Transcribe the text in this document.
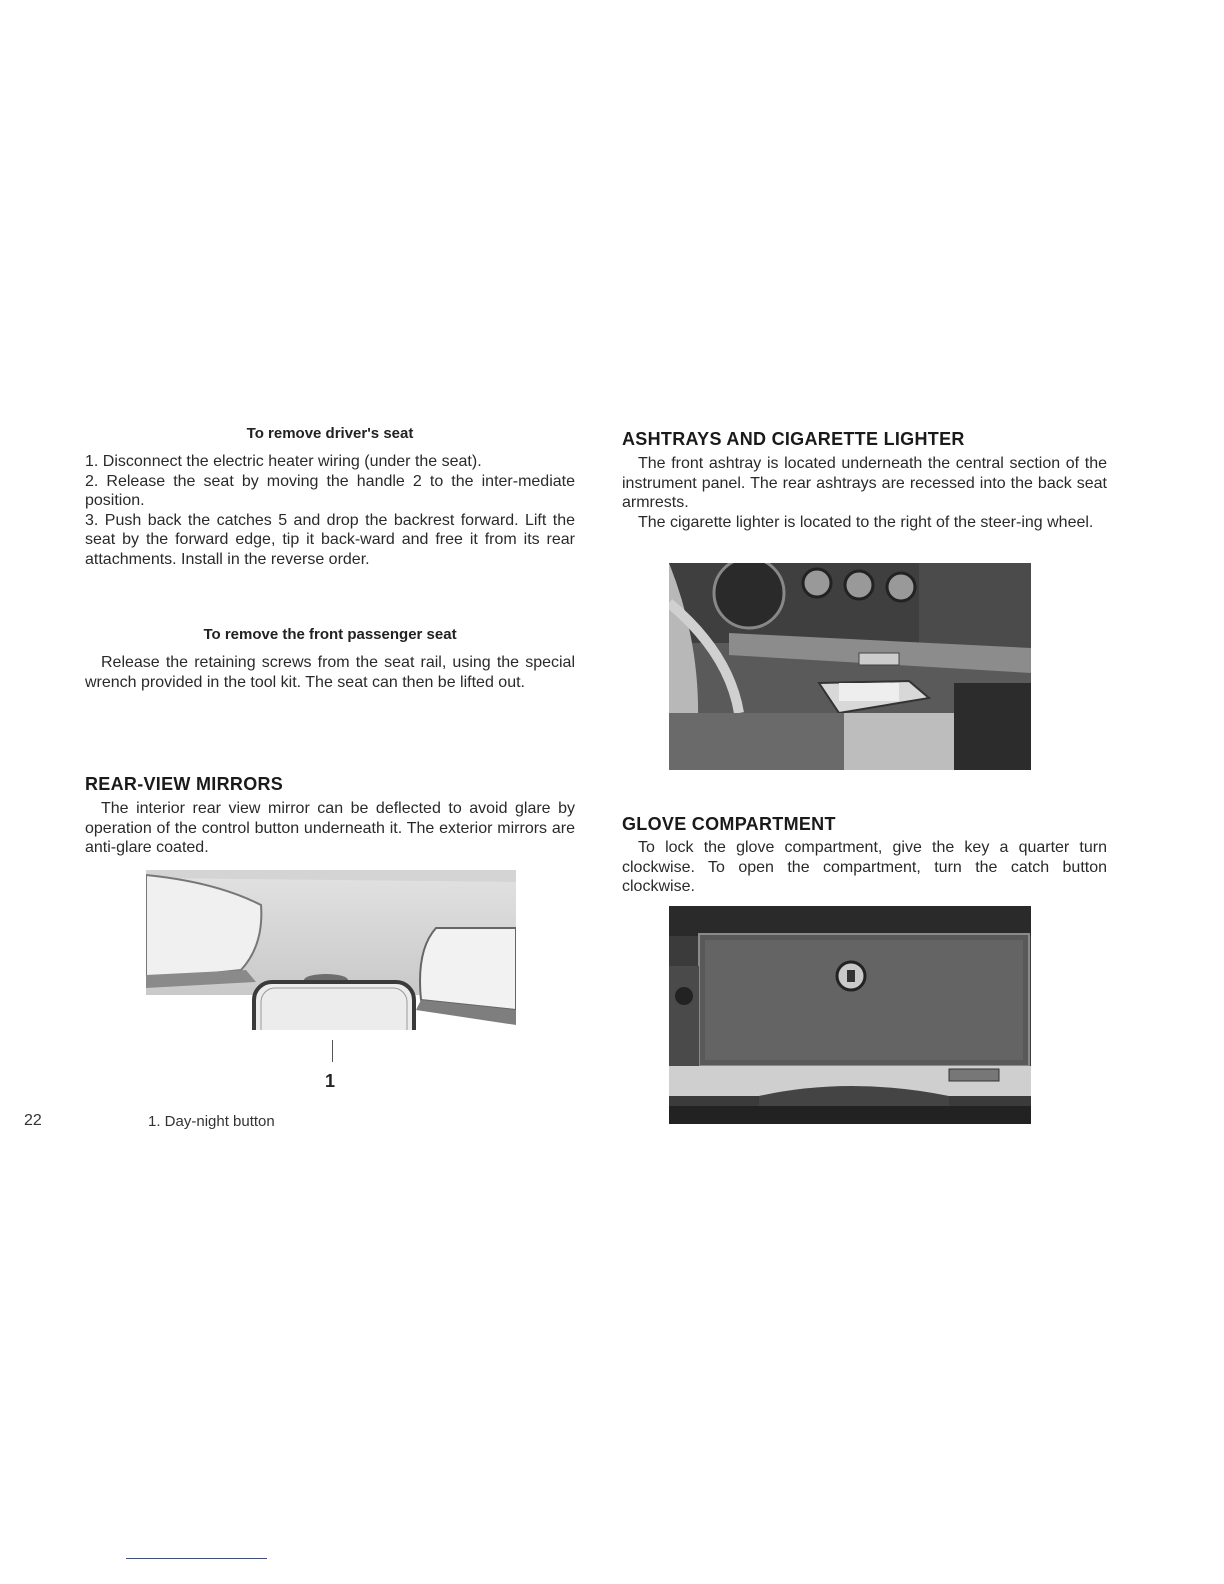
To remove driver's seat

1. Disconnect the electric heater wiring (under the seat).

2. Release the seat by moving the handle 2 to the inter-mediate position.

3. Push back the catches 5 and drop the backrest forward. Lift the seat by the forward edge, tip it back-ward and free it from its rear attachments. Install in the reverse order.

To remove the front passenger seat

Release the retaining screws from the seat rail, using the special wrench provided in the tool kit. The seat can then be lifted out.

REAR-VIEW MIRRORS

The interior rear view mirror can be deflected to avoid glare by operation of the control button underneath it. The exterior mirrors are anti-glare coated.

1
22	1. Day-night button
ASHTRAYS AND CIGARETTE LIGHTER

The front ashtray is located underneath the central section of the instrument panel. The rear ashtrays are recessed into the back seat armrests.

The cigarette lighter is located to the right of the steer-ing wheel.

GLOVE COMPARTMENT

To lock the glove compartment, give the key a quarter turn clockwise. To open the compartment, turn the catch button clockwise.
